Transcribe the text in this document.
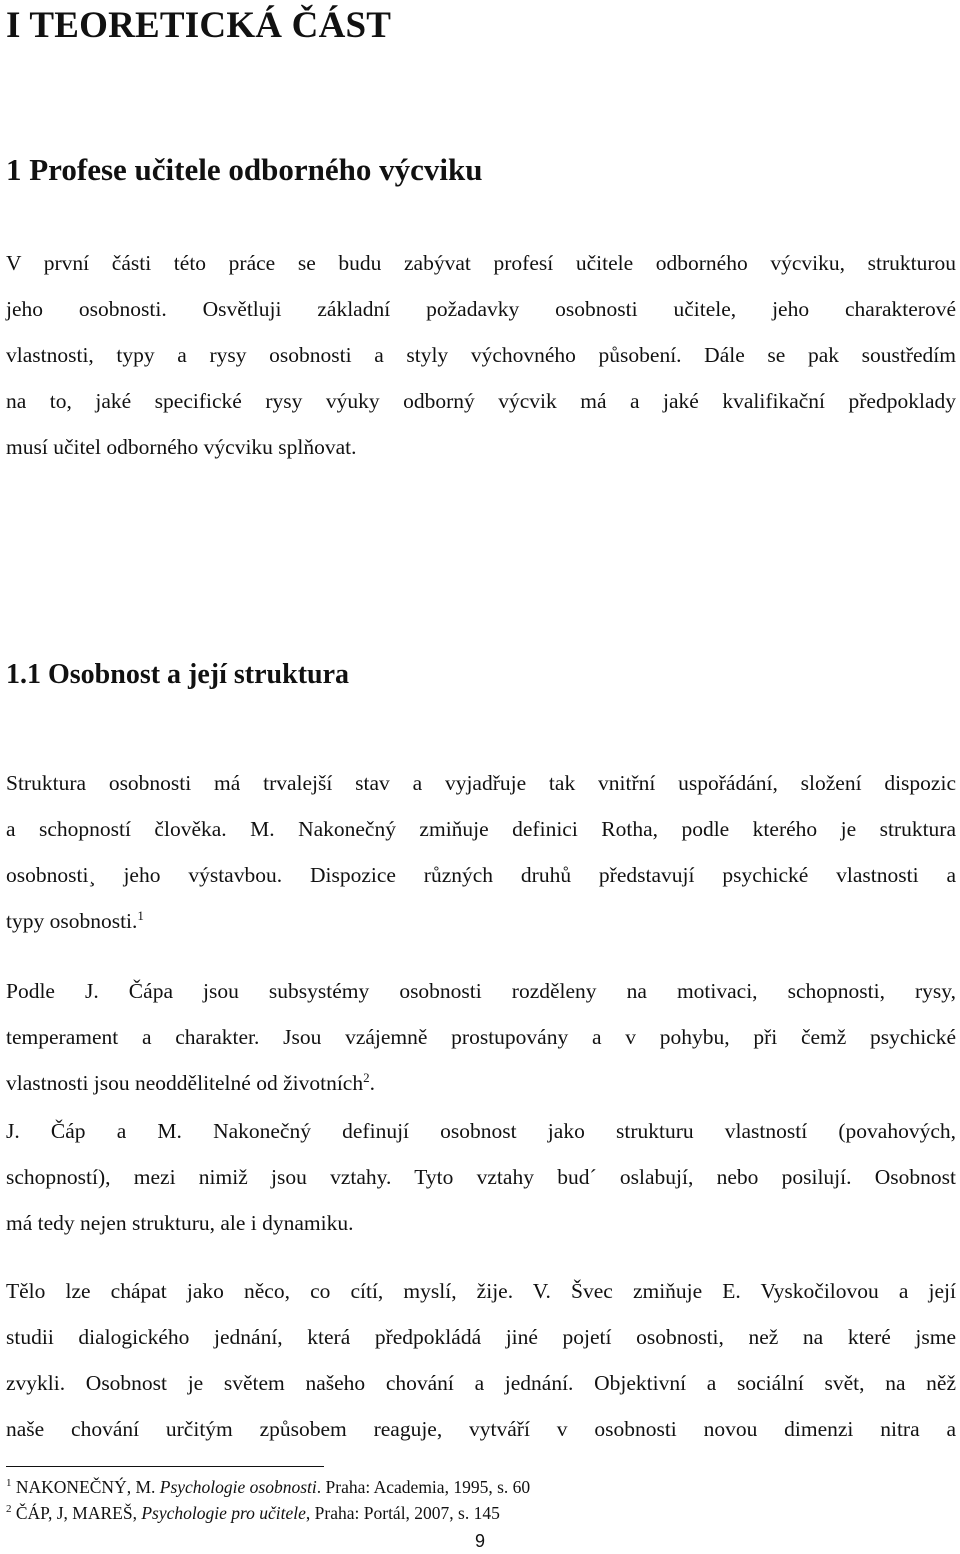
I TEORETICKÁ ČÁST
1 Profese učitele odborného výcviku
V první části této práce se budu zabývat profesí učitele odborného výcviku, strukturou
jeho osobnosti. Osvětluji základní požadavky osobnosti učitele, jeho charakterové
vlastnosti, typy a rysy osobnosti a styly výchovného působení. Dále se pak soustředím
na to, jaké specifické rysy výuky odborný výcvik má a jaké kvalifikační předpoklady
musí učitel odborného výcviku splňovat.
1.1 Osobnost a její struktura
Struktura osobnosti má trvalejší stav a vyjadřuje tak vnitřní uspořádání, složení dispozic
a schopností člověka. M. Nakonečný zmiňuje definici Rotha, podle kterého je struktura
osobnosti¸ jeho výstavbou. Dispozice různých druhů představují psychické vlastnosti a
typy osobnosti.$^1$
Podle J. Čápa jsou subsystémy osobnosti rozděleny na motivaci, schopnosti, rysy,
temperament a charakter. Jsou vzájemně prostupovány a v pohybu, při čemž psychické
vlastnosti jsou neoddělitelné od životních$^2$.
J. Čáp a M. Nakonečný definují osobnost jako strukturu vlastností (povahových,
schopností), mezi nimiž jsou vztahy. Tyto vztahy bud´ oslabují, nebo posilují. Osobnost
má tedy nejen strukturu, ale i dynamiku.
Tělo lze chápat jako něco, co cítí, myslí, žije. V. Švec zmiňuje E. Vyskočilovou a její
studii dialogického jednání, která předpokládá jiné pojetí osobnosti, než na které jsme
zvykli. Osobnost je světem našeho chování a jednání. Objektivní a sociální svět, na něž
naše chování určitým způsobem reaguje, vytváří v osobnosti novou dimenzi nitra a
$^1$ NAKONEČNÝ, M. Psychologie osobnosti. Praha: Academia, 1995, s. 60
$^2$ ČÁP, J, MAREŠ, Psychologie pro učitele, Praha: Portál, 2007, s. 145
9
